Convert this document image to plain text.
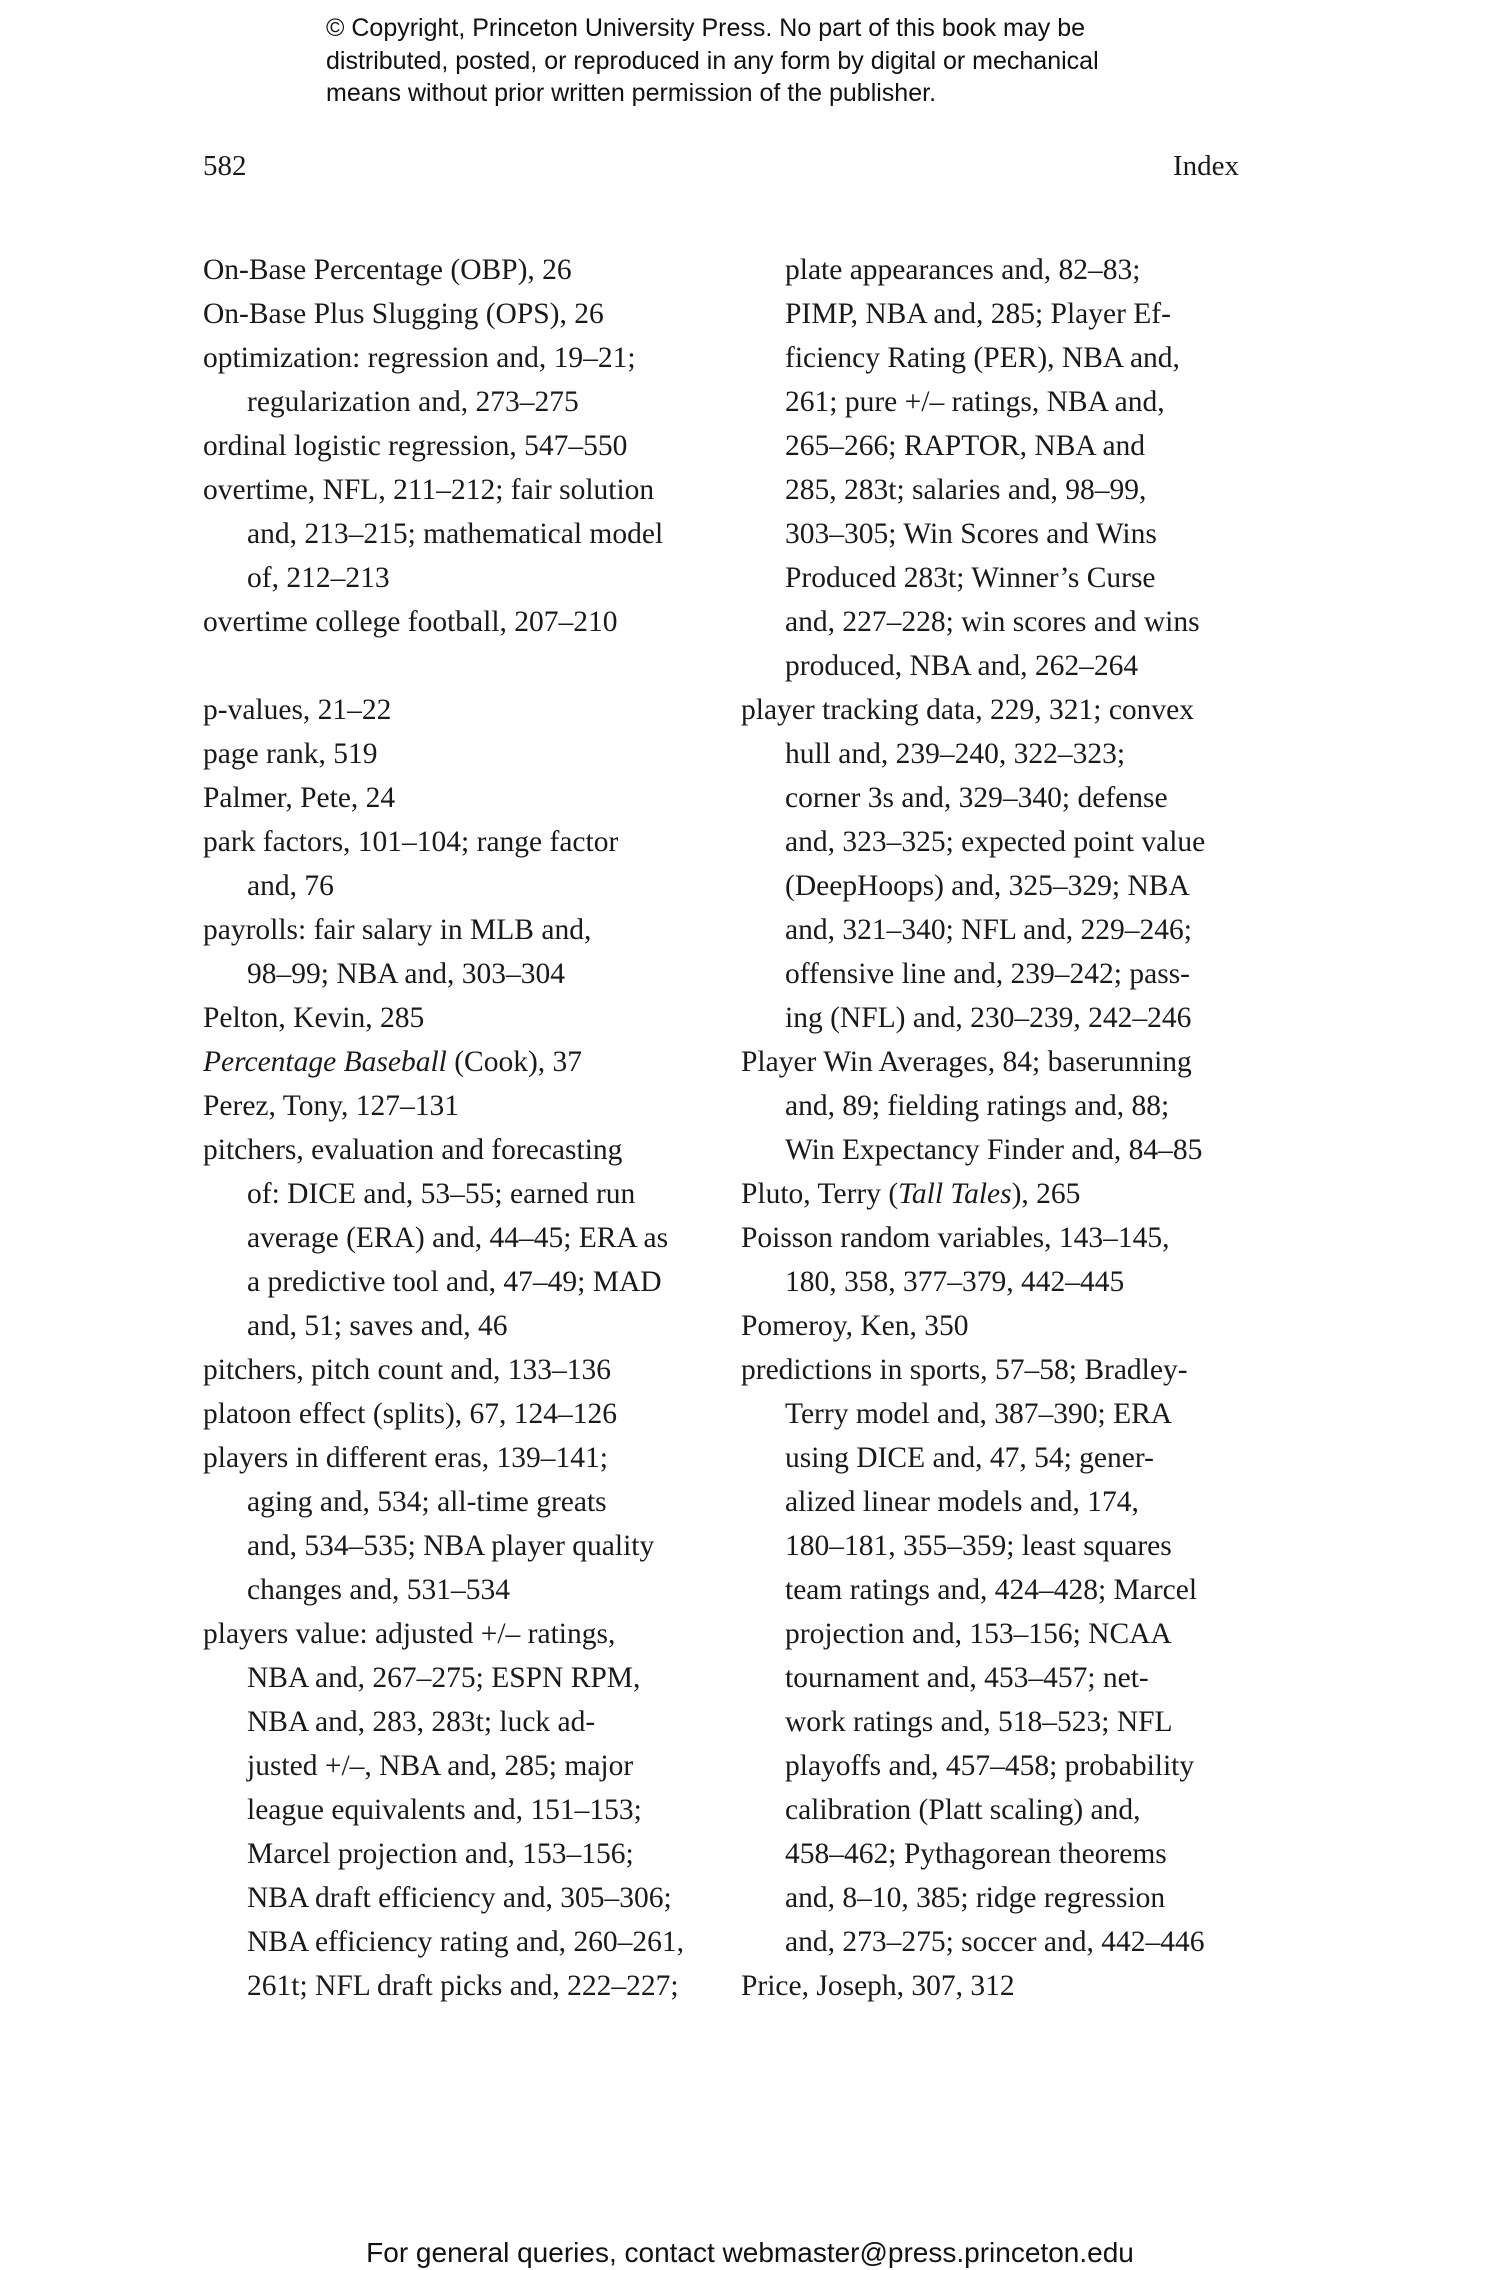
© Copyright, Princeton University Press. No part of this book may be
distributed, posted, or reproduced in any form by digital or mechanical
means without prior written permission of the publisher.
582	Index
On-Base Percentage (OBP), 26
On-Base Plus Slugging (OPS), 26
optimization: regression and, 19–21;
regularization and, 273–275
ordinal logistic regression, 547–550
overtime, NFL, 211–212; fair solution
and, 213–215; mathematical model
of, 212–213
overtime college football, 207–210
p-values, 21–22
page rank, 519
Palmer, Pete, 24
park factors, 101–104; range factor
and, 76
payrolls: fair salary in MLB and,
98–99; NBA and, 303–304
Pelton, Kevin, 285
Percentage Baseball (Cook), 37
Perez, Tony, 127–131
pitchers, evaluation and forecasting
of: DICE and, 53–55; earned run
average (ERA) and, 44–45; ERA as
a predictive tool and, 47–49; MAD
and, 51; saves and, 46
pitchers, pitch count and, 133–136
platoon effect (splits), 67, 124–126
players in different eras, 139–141;
aging and, 534; all-time greats
and, 534–535; NBA player quality
changes and, 531–534
players value: adjusted +/– ratings,
NBA and, 267–275; ESPN RPM,
NBA and, 283, 283t; luck ad-
justed +/–, NBA and, 285; major
league equivalents and, 151–153;
Marcel projection and, 153–156;
NBA draft efficiency and, 305–306;
NBA efficiency rating and, 260–261,
261t; NFL draft picks and, 222–227;
plate appearances and, 82–83;
PIMP, NBA and, 285; Player Ef-
ficiency Rating (PER), NBA and,
261; pure +/– ratings, NBA and,
265–266; RAPTOR, NBA and
285, 283t; salaries and, 98–99,
303–305; Win Scores and Wins
Produced 283t; Winner’s Curse
and, 227–228; win scores and wins
produced, NBA and, 262–264
player tracking data, 229, 321; convex
hull and, 239–240, 322–323;
corner 3s and, 329–340; defense
and, 323–325; expected point value
(DeepHoops) and, 325–329; NBA
and, 321–340; NFL and, 229–246;
offensive line and, 239–242; pass-
ing (NFL) and, 230–239, 242–246
Player Win Averages, 84; baserunning
and, 89; fielding ratings and, 88;
Win Expectancy Finder and, 84–85
Pluto, Terry (Tall Tales), 265
Poisson random variables, 143–145,
180, 358, 377–379, 442–445
Pomeroy, Ken, 350
predictions in sports, 57–58; Bradley-
Terry model and, 387–390; ERA
using DICE and, 47, 54; gener-
alized linear models and, 174,
180–181, 355–359; least squares
team ratings and, 424–428; Marcel
projection and, 153–156; NCAA
tournament and, 453–457; net-
work ratings and, 518–523; NFL
playoffs and, 457–458; probability
calibration (Platt scaling) and,
458–462; Pythagorean theorems
and, 8–10, 385; ridge regression
and, 273–275; soccer and, 442–446
Price, Joseph, 307, 312
For general queries, contact webmaster@press.princeton.edu
